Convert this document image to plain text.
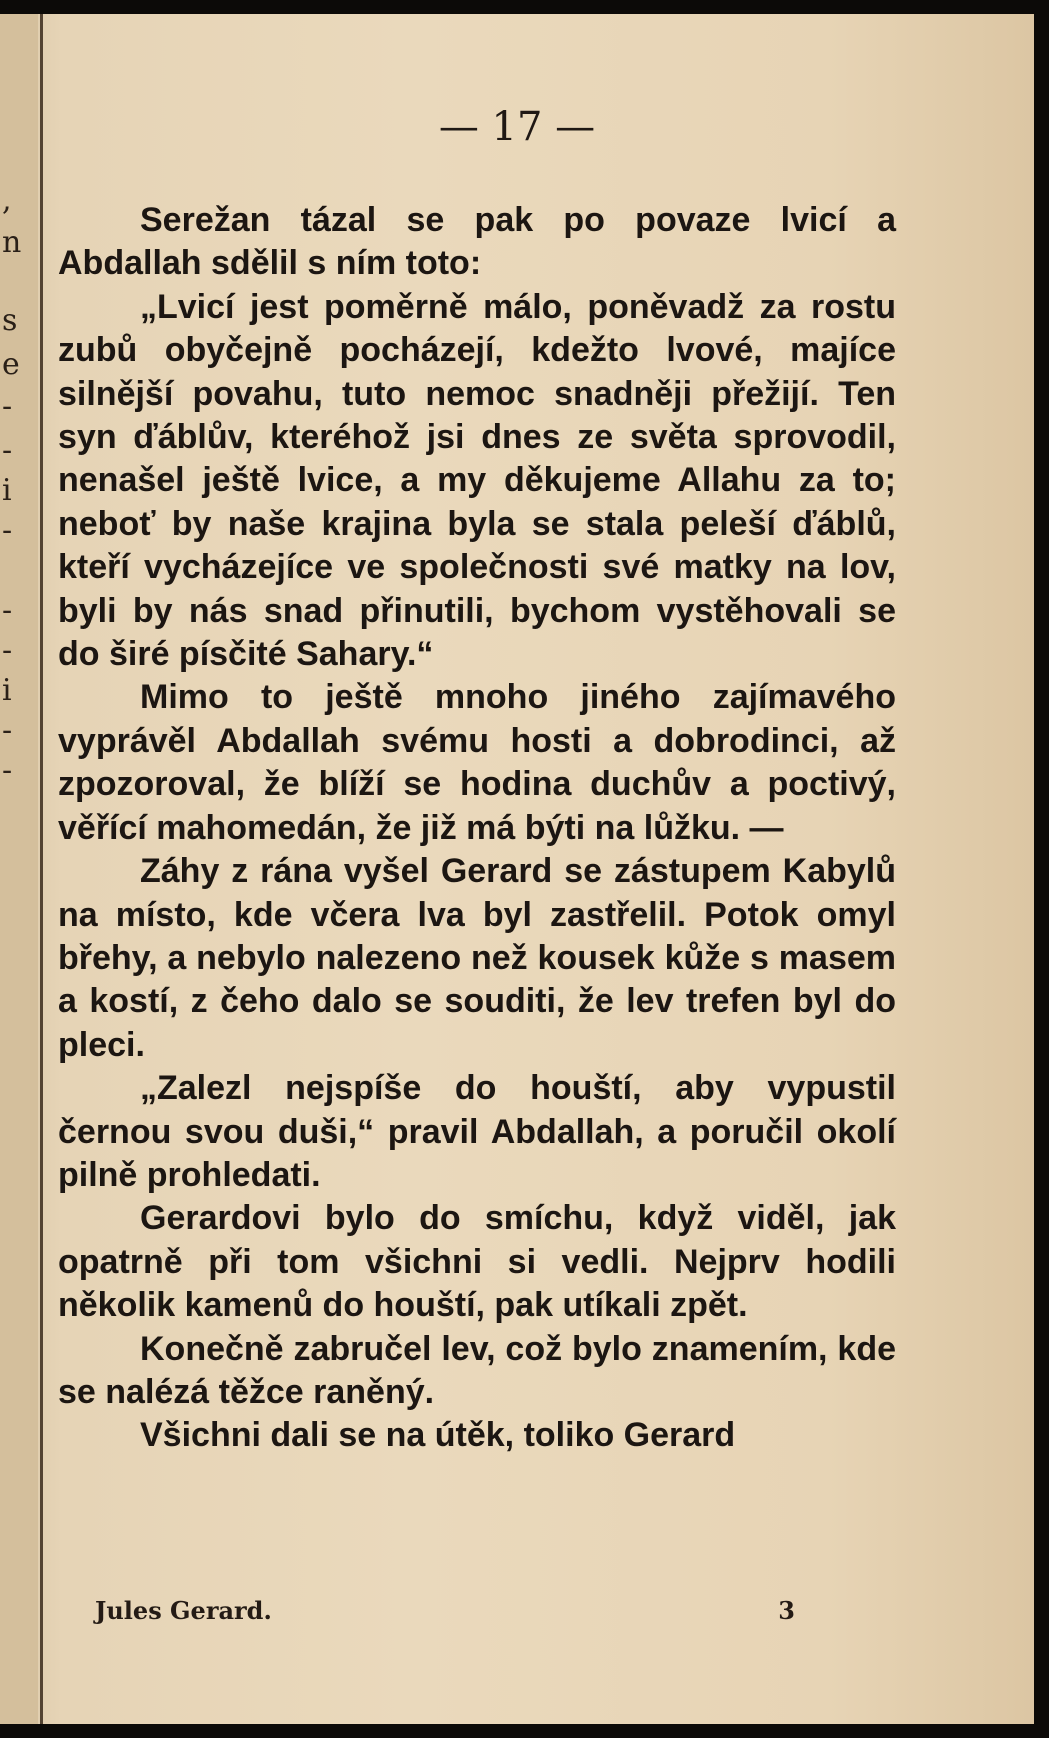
,
n
s
e
-
-
i
-
-
-
i
-
-
— 17 —

Serežan tázal se pak po povaze lvicí a Abdallah sdělil s ním toto:

„Lvicí jest poměrně málo, poněvadž za rostu zubů obyčejně pocházejí, kdežto lvové, majíce silnější povahu, tuto nemoc snadněji přežijí. Ten syn ďáblův, kteréhož jsi dnes ze světa sprovodil, nenašel ještě lvice, a my děkujeme Allahu za to; neboť by naše krajina byla se stala peleší ďáblů, kteří vycházejíce ve společnosti své matky na lov, byli by nás snad přinutili, bychom vystěhovali se do širé písčité Sahary.“

Mimo to ještě mnoho jiného zajímavého vyprávěl Abdallah svému hosti a dobrodinci, až zpozoroval, že blíží se hodina duchův a poctivý, věřící mahomedán, že již má býti na lůžku. —

Záhy z rána vyšel Gerard se zástupem Kabylů na místo, kde včera lva byl zastřelil. Potok omyl břehy, a nebylo nalezeno než kousek kůže s masem a kostí, z čeho dalo se souditi, že lev trefen byl do pleci.

„Zalezl nejspíše do houští, aby vypustil černou svou duši,“ pravil Abdallah, a poručil okolí pilně prohledati.

Gerardovi bylo do smíchu, když viděl, jak opatrně při tom všichni si vedli. Nejprv hodili několik kamenů do houští, pak utíkali zpět.

Konečně zabručel lev, což bylo znamením, kde se nalézá těžce raněný.

Všichni dali se na útěk, toliko Gerard

Jules Gerard.	3
